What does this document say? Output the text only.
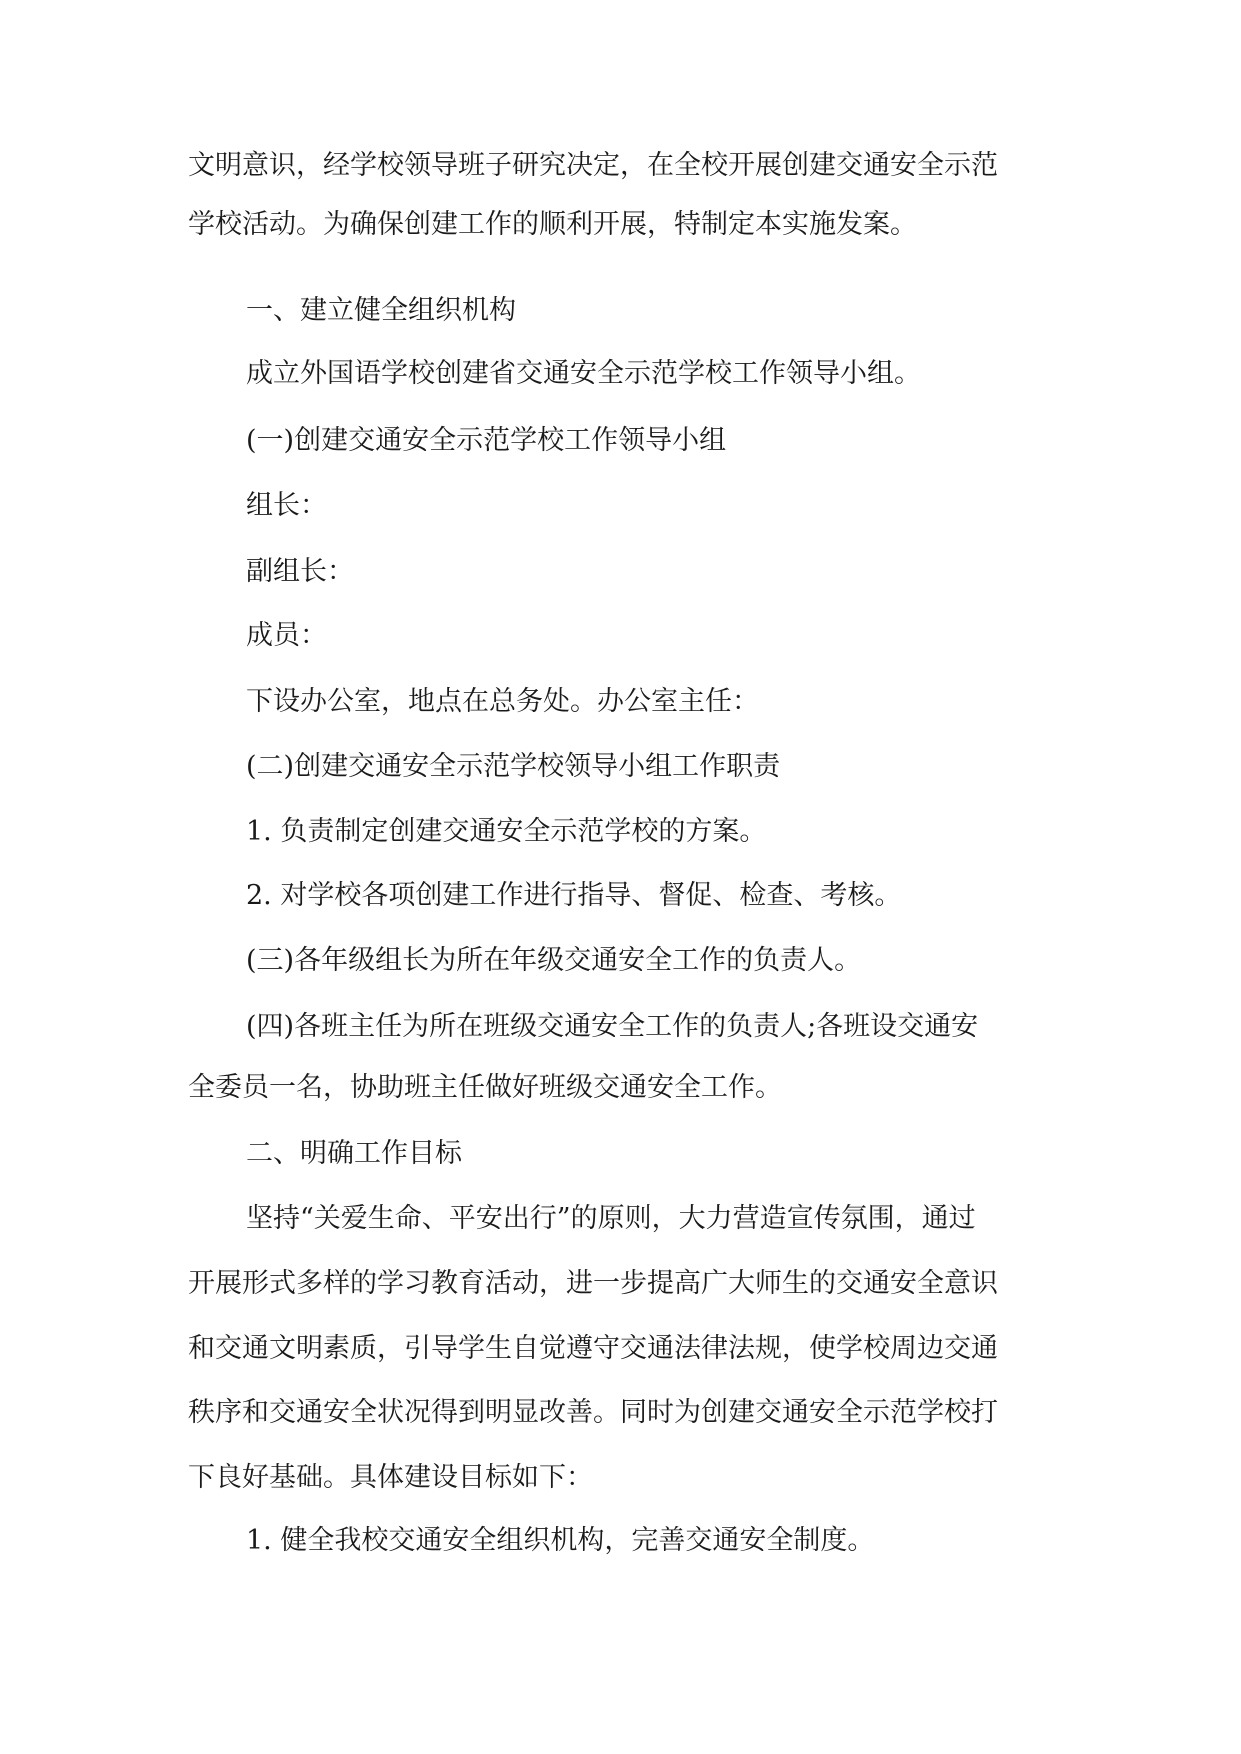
文明意识，经学校领导班子研究决定，在全校开展创建交通安全示范
学校活动。为确保创建工作的顺利开展，特制定本实施发案。
一、建立健全组织机构
成立外国语学校创建省交通安全示范学校工作领导小组。
(一)创建交通安全示范学校工作领导小组
组长：
副组长：
成员：
下设办公室，地点在总务处。办公室主任：
(二)创建交通安全示范学校领导小组工作职责
1. 负责制定创建交通安全示范学校的方案。
2. 对学校各项创建工作进行指导、督促、检查、考核。
(三)各年级组长为所在年级交通安全工作的负责人。
(四)各班主任为所在班级交通安全工作的负责人;各班设交通安
全委员一名，协助班主任做好班级交通安全工作。
二、明确工作目标
坚持“关爱生命、平安出行”的原则，大力营造宣传氛围，通过
开展形式多样的学习教育活动，进一步提高广大师生的交通安全意识
和交通文明素质，引导学生自觉遵守交通法律法规，使学校周边交通
秩序和交通安全状况得到明显改善。同时为创建交通安全示范学校打
下良好基础。具体建设目标如下：
1. 健全我校交通安全组织机构，完善交通安全制度。
